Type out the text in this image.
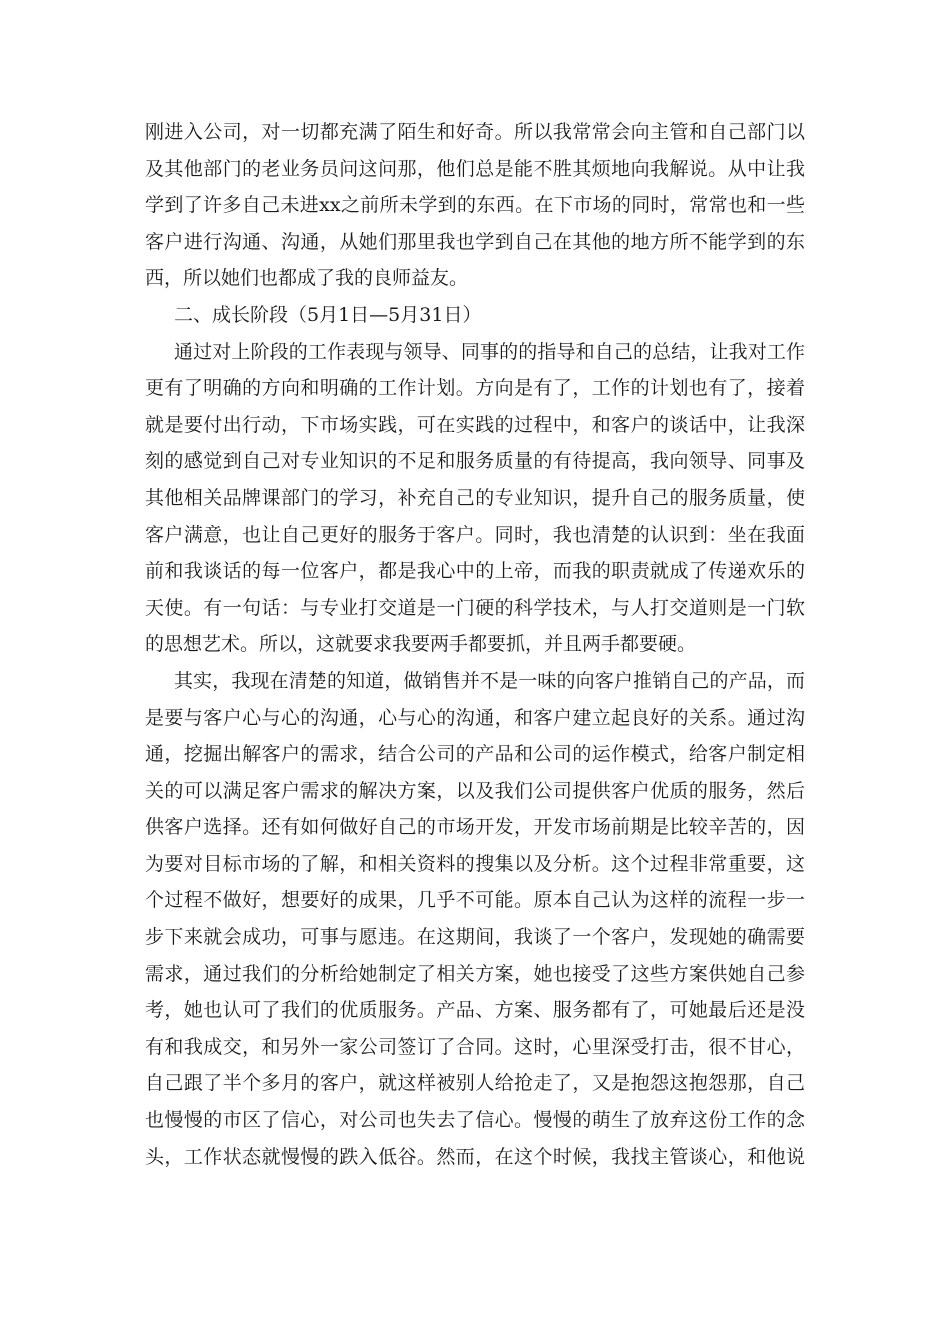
刚进入公司，对一切都充满了陌生和好奇。所以我常常会向主管和自己部门以
及其他部门的老业务员问这问那，他们总是能不胜其烦地向我解说。从中让我
学到了许多自己未进xx之前所未学到的东西。在下市场的同时，常常也和一些
客户进行沟通、沟通，从她们那里我也学到自己在其他的地方所不能学到的东
西，所以她们也都成了我的良师益友。
二、成长阶段（5月1日—5月31日）
通过对上阶段的工作表现与领导、同事的的指导和自己的总结，让我对工作
更有了明确的方向和明确的工作计划。方向是有了，工作的计划也有了，接着
就是要付出行动，下市场实践，可在实践的过程中，和客户的谈话中，让我深
刻的感觉到自己对专业知识的不足和服务质量的有待提高，我向领导、同事及
其他相关品牌课部门的学习，补充自己的专业知识，提升自己的服务质量，使
客户满意，也让自己更好的服务于客户。同时，我也清楚的认识到：坐在我面
前和我谈话的每一位客户，都是我心中的上帝，而我的职责就成了传递欢乐的
天使。有一句话：与专业打交道是一门硬的科学技术，与人打交道则是一门软
的思想艺术。所以，这就要求我要两手都要抓，并且两手都要硬。
其实，我现在清楚的知道，做销售并不是一味的向客户推销自己的产品，而
是要与客户心与心的沟通，心与心的沟通，和客户建立起良好的关系。通过沟
通，挖掘出解客户的需求，结合公司的产品和公司的运作模式，给客户制定相
关的可以满足客户需求的解决方案，以及我们公司提供客户优质的服务，然后
供客户选择。还有如何做好自己的市场开发，开发市场前期是比较辛苦的，因
为要对目标市场的了解，和相关资料的搜集以及分析。这个过程非常重要，这
个过程不做好，想要好的成果，几乎不可能。原本自己认为这样的流程一步一
步下来就会成功，可事与愿违。在这期间，我谈了一个客户，发现她的确需要
需求，通过我们的分析给她制定了相关方案，她也接受了这些方案供她自己参
考，她也认可了我们的优质服务。产品、方案、服务都有了，可她最后还是没
有和我成交，和另外一家公司签订了合同。这时，心里深受打击，很不甘心，
自己跟了半个多月的客户，就这样被别人给抢走了，又是抱怨这抱怨那，自己
也慢慢的市区了信心，对公司也失去了信心。慢慢的萌生了放弃这份工作的念
头，工作状态就慢慢的跌入低谷。然而，在这个时候，我找主管谈心，和他说
